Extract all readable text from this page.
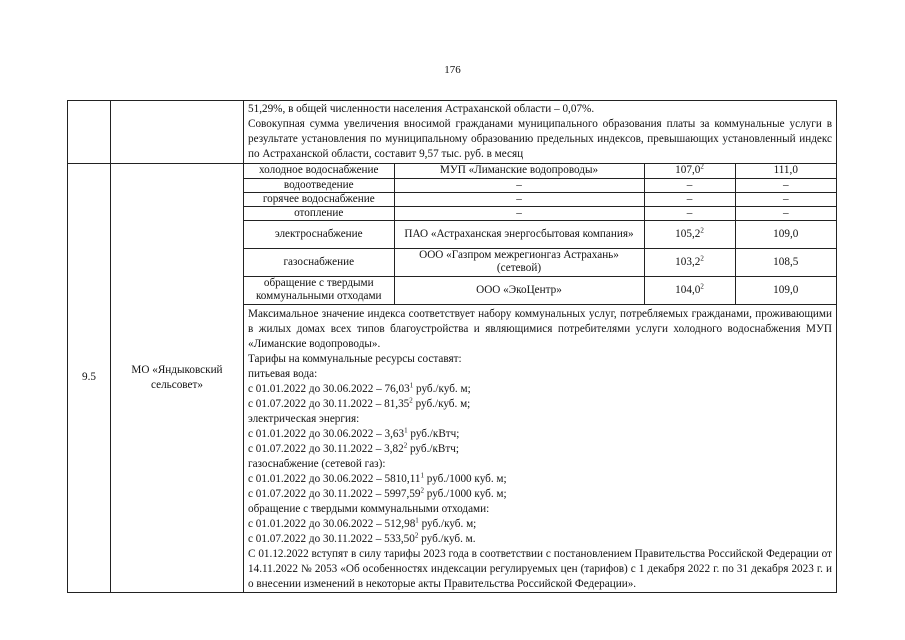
176

51,29%, в общей численности населения Астраханской области – 0,07%.

Совокупная сумма увеличения вносимой гражданами муниципального образования платы за коммунальные услуги в результате установления по муниципальному образованию предельных индексов, превышающих установленный индекс по Астраханской области, составит 9,57 тыс. руб. в месяц

9.5	МО «Яндыковский сельсовет»	
холодное водоснабжение	МУП «Лиманские водопроводы»	107,0$^2$	111,0
водоотведение	–	–	–
горячее водоснабжение	–	–	–
отопление	–	–	–
электроснабжение	ПАО «Астраханская энергосбытовая компания»	105,2$^2$	109,0
газоснабжение	ООО «Газпром межрегионгаз Астрахань» (сетевой)	103,2$^2$	108,5
обращение с твердыми коммунальными отходами	ООО «ЭкоЦентр»	104,0$^2$	109,0

Максимальное значение индекса соответствует набору коммунальных услуг, потребляемых гражданами, проживающими в жилых домах всех типов благоустройства и являющимися потребителями услуги холодного водоснабжения МУП «Лиманские водопроводы».

Тарифы на коммунальные ресурсы составят:

питьевая вода:

с 01.01.2022 до 30.06.2022 – 76,03$^1$ руб./куб. м;

с 01.07.2022 до 30.11.2022 – 81,35$^2$ руб./куб. м;

электрическая энергия:

с 01.01.2022 до 30.06.2022 – 3,63$^1$ руб./кВтч;

с 01.07.2022 до 30.11.2022 – 3,82$^2$ руб./кВтч;

газоснабжение (сетевой газ):

с 01.01.2022 до 30.06.2022 – 5810,11$^1$ руб./1000 куб. м;

с 01.07.2022 до 30.11.2022 – 5997,59$^2$ руб./1000 куб. м;

обращение с твердыми коммунальными отходами:

с 01.01.2022 до 30.06.2022 – 512,98$^1$ руб./куб. м;

с 01.07.2022 до 30.11.2022 – 533,50$^2$ руб./куб. м.

С 01.12.2022 вступят в силу тарифы 2023 года в соответствии с постановлением Правительства Российской Федерации от 14.11.2022 № 2053 «Об особенностях индексации регулируемых цен (тарифов) с 1 декабря 2022 г. по 31 декабря 2023 г. и о внесении изменений в некоторые акты Правительства Российской Федерации».
